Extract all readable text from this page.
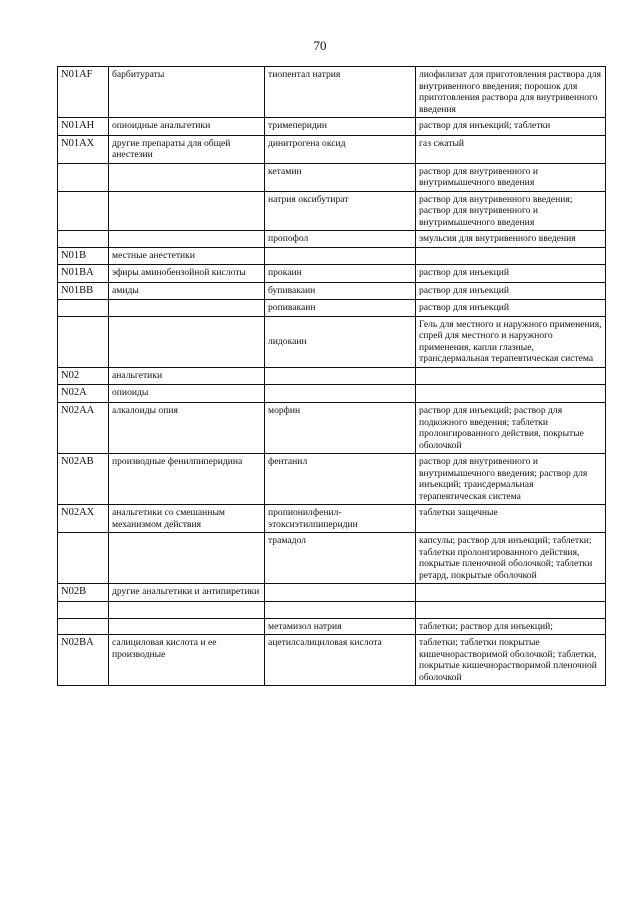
70
N01AF	барбитураты	тиопентал натрия	лиофилизат для приготовления раствора для внутривенного введения; порошок для приготовления раствора для внутривенного введения
N01AH	опиоидные анальгетики	тримеперидин	раствор для инъекций; таблетки
N01AX	другие препараты для общей анестезии	динитрогена оксид	газ сжатый
		кетамин	раствор для внутривенного и внутримышечного введения
		натрия оксибутират	раствор для внутривенного введения; раствор для внутривенного и внутримышечного введения
		пропофол	эмульсия для внутривенного введения
N01B	местные анестетики		
N01BA	эфиры аминобензойной кислоты	прокаин	раствор для инъекций
N01BB	амиды	бупивакаин	раствор для инъекций
		ропивакаин	раствор для инъекций
		лидокаин	Гель для местного и наружного применения, спрей для местного и наружного применения, капли глазные, трансдермальная терапевтическая система
N02	анальгетики		
N02A	опиоиды		
N02AA	алкалоиды опия	морфин	раствор для инъекций; раствор для подкожного введения; таблетки пролонгированного действия, покрытые оболочкой
N02AB	производные фенилпиперидина	фентанил	раствор для внутривенного и внутримышечного введения; раствор для инъекций; трансдермальная терапевтическая система
N02AX	анальгетики со смешанным механизмом действия	пропионилфенил-этоксиэтилпиперидин	таблетки защечные
		трамадол	капсулы; раствор для инъекций; таблетки; таблетки пролонгированного действия, покрытые пленочной оболочкой; таблетки ретард, покрытые оболочкой
N02B	другие анальгетики и антипиретики		

		метамизол натрия	таблетки; раствор для инъекций;
N02BA	салициловая кислота и ее производные	ацетилсалициловая кислота	таблетки; таблетки покрытые кишечнорастворимой оболочкой; таблетки, покрытые кишечнорастворимой пленочной оболочкой
